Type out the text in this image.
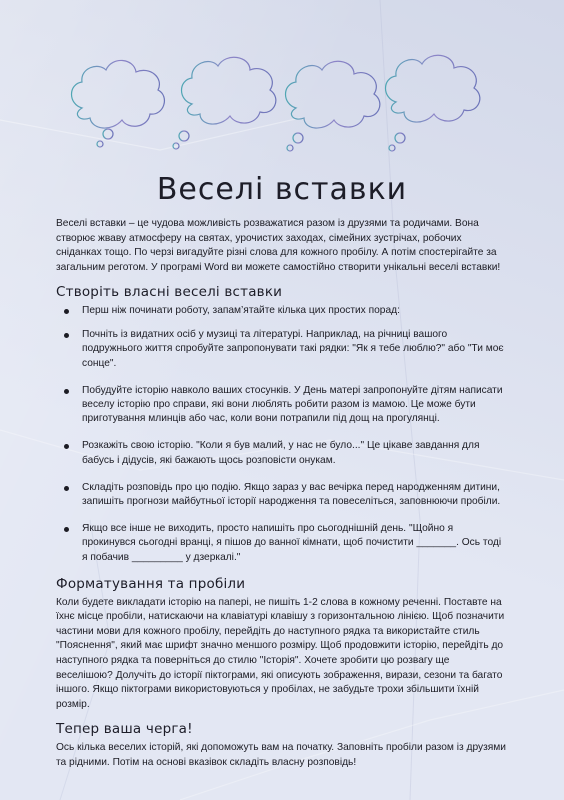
Веселі вставки

Веселі вставки – це чудова можливість розважатися разом із друзями та родичами. Вона створює жваву атмосферу на святах, урочистих заходах, сімейних зустрічах, робочих сніданках тощо. По черзі вигадуйте різні слова для кожного пробілу. А потім спостерігайте за загальним реготом. У програмі Word ви можете самостійно створити унікальні веселі вставки!

Створіть власні веселі вставки
Перш ніж починати роботу, запам’ятайте кілька цих простих порад:
Почніть із видатних осіб у музиці та літературі. Наприклад, на річниці вашого подружнього життя спробуйте запропонувати такі рядки: "Як я тебе люблю?" або "Ти моє сонце".
Побудуйте історію навколо ваших стосунків. У День матері запропонуйте дітям написати веселу історію про справи, які вони люблять робити разом із мамою. Це може бути приготування млинців або час, коли вони потрапили під дощ на прогулянці.
Розкажіть свою історію. "Коли я був малий, у нас не було..." Це цікаве завдання для бабусь і дідусів, які бажають щось розповісти онукам.
Складіть розповідь про цю подію. Якщо зараз у вас вечірка перед народженням дитини, запишіть прогнози майбутньої історії народження та повеселіться, заповнюючи пробіли.
Якщо все інше не виходить, просто напишіть про сьогоднішній день. "Щойно я прокинувся сьогодні вранці, я пішов до ванної кімнати, щоб почистити _______. Ось тоді я побачив _________ у дзеркалі."
Форматування та пробіли

Коли будете викладати історію на папері, не пишіть 1-2 слова в кожному реченні. Поставте на їхнє місце пробіли, натискаючи на клавіатурі клавішу з горизонтальною лінією. Щоб позначити частини мови для кожного пробілу, перейдіть до наступного рядка та використайте стиль "Пояснення", який має шрифт значно меншого розміру. Щоб продовжити історію, перейдіть до наступного рядка та поверніться до стилю "Історія". Хочете зробити цю розвагу ще веселішою? Долучіть до історії піктограми, які описують зображення, вирази, сезони та багато іншого. Якщо піктограми використовуються у пробілах, не забудьте трохи збільшити їхній розмір.

Тепер ваша черга!

Ось кілька веселих історій, які допоможуть вам на початку. Заповніть пробіли разом із друзями та рідними. Потім на основі вказівок складіть власну розповідь!
